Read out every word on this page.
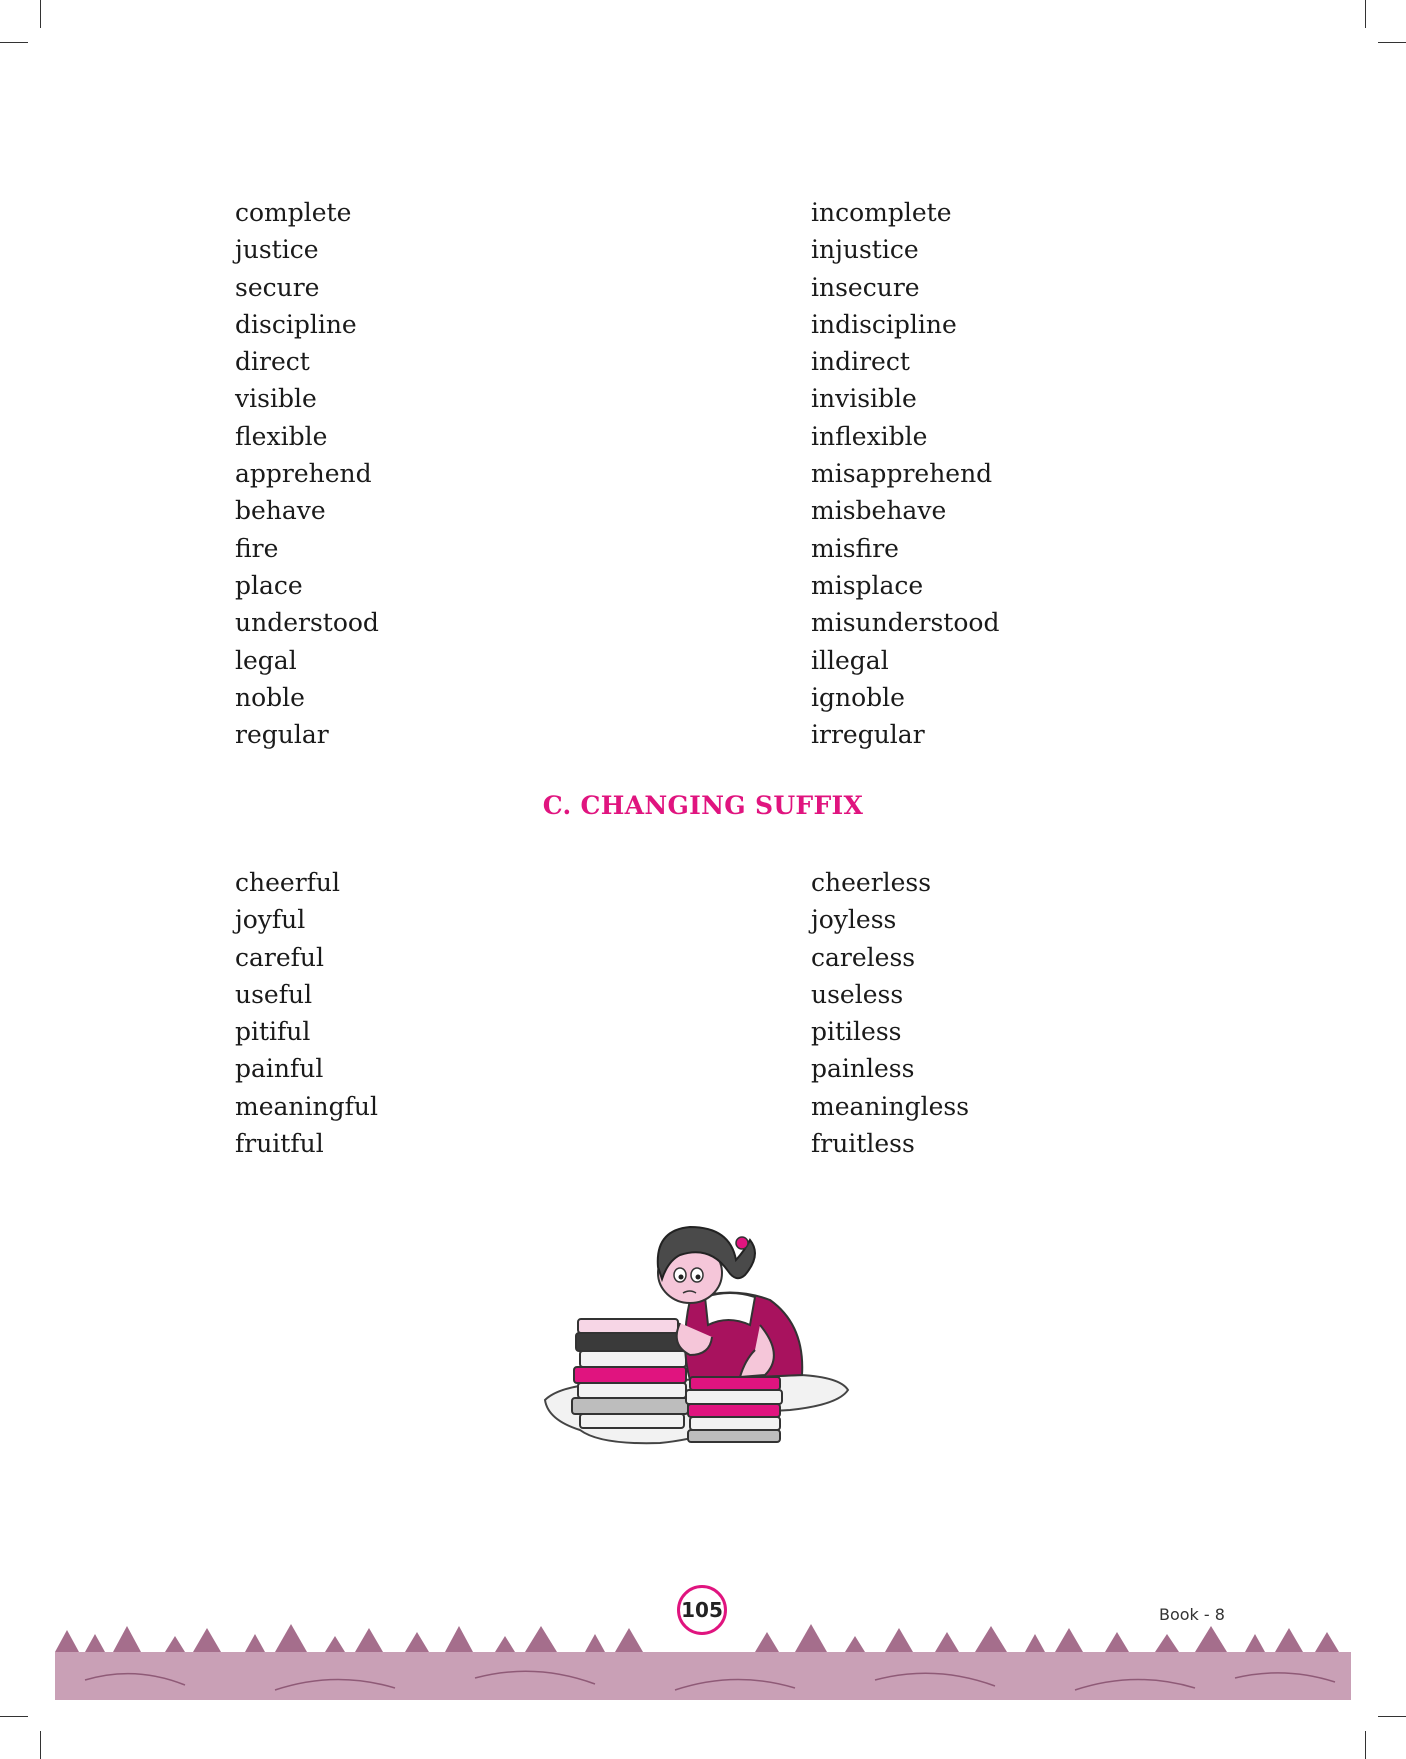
complete
justice
secure
discipline
direct
visible
flexible
apprehend
behave
fire
place
understood
legal
noble
regular
incomplete
injustice
insecure
indiscipline
indirect
invisible
inflexible
misapprehend
misbehave
misfire
misplace
misunderstood
illegal
ignoble
irregular
C. CHANGING SUFFIX
cheerful
joyful
careful
useful
pitiful
painful
meaningful
fruitful
cheerless
joyless
careless
useless
pitiless
painless
meaningless
fruitless
105	Book - 8
